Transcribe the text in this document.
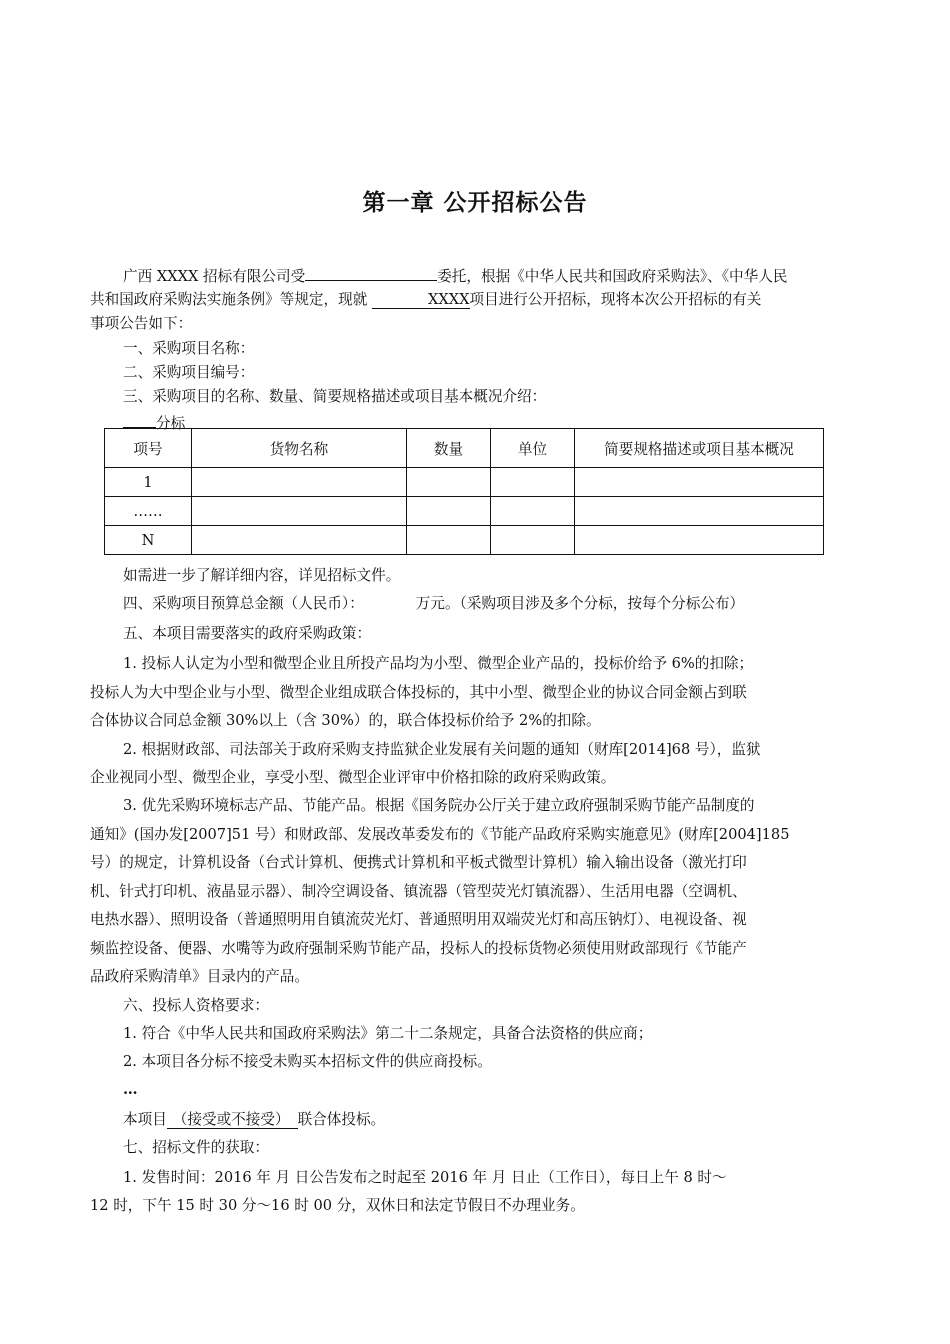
第一章 公开招标公告
广西 XXXX 招标有限公司受	委托，根据《中华人民共和国政府采购法》、《中华人民
共和国政府采购法实施条例》等规定，现就	XXXX项目进行公开招标，现将本次公开招标的有关
事项公告如下：
一、采购项目名称：
二、采购项目编号：
三、采购项目的名称、数量、简要规格描述或项目基本概况介绍：
分标
项号	货物名称	数量	单位	简要规格描述或项目基本概况
1				
……				
N				
如需进一步了解详细内容，详见招标文件。
四、采购项目预算总金额（人民币）：	万元。（采购项目涉及多个分标，按每个分标公布）
五、本项目需要落实的政府采购政策：
1. 投标人认定为小型和微型企业且所投产品均为小型、微型企业产品的，投标价给予 6%的扣除；
投标人为大中型企业与小型、微型企业组成联合体投标的，其中小型、微型企业的协议合同金额占到联
合体协议合同总金额 30%以上（含 30%）的，联合体投标价给予 2%的扣除。
2. 根据财政部、司法部关于政府采购支持监狱企业发展有关问题的通知（财库[2014]68 号），监狱
企业视同小型、微型企业，享受小型、微型企业评审中价格扣除的政府采购政策。
3. 优先采购环境标志产品、节能产品。根据《国务院办公厅关于建立政府强制采购节能产品制度的
通知》(国办发[2007]51 号）和财政部、发展改革委发布的《节能产品政府采购实施意见》(财库[2004]185
号）的规定，计算机设备（台式计算机、便携式计算机和平板式微型计算机）输入输出设备（激光打印
机、针式打印机、液晶显示器）、制冷空调设备、镇流器（管型荧光灯镇流器）、生活用电器（空调机、
电热水器）、照明设备（普通照明用自镇流荧光灯、普通照明用双端荧光灯和高压钠灯）、电视设备、视
频监控设备、便器、水嘴等为政府强制采购节能产品，投标人的投标货物必须使用财政部现行《节能产
品政府采购清单》目录内的产品。
六、投标人资格要求：
1. 符合《中华人民共和国政府采购法》第二十二条规定，具备合法资格的供应商；
2. 本项目各分标不接受未购买本招标文件的供应商投标。
…
本项目 （接受或不接受） 联合体投标。
七、招标文件的获取：
1. 发售时间：2016 年 月 日公告发布之时起至 2016 年 月 日止（工作日），每日上午 8 时～
12 时，下午 15 时 30 分～16 时 00 分，双休日和法定节假日不办理业务。
